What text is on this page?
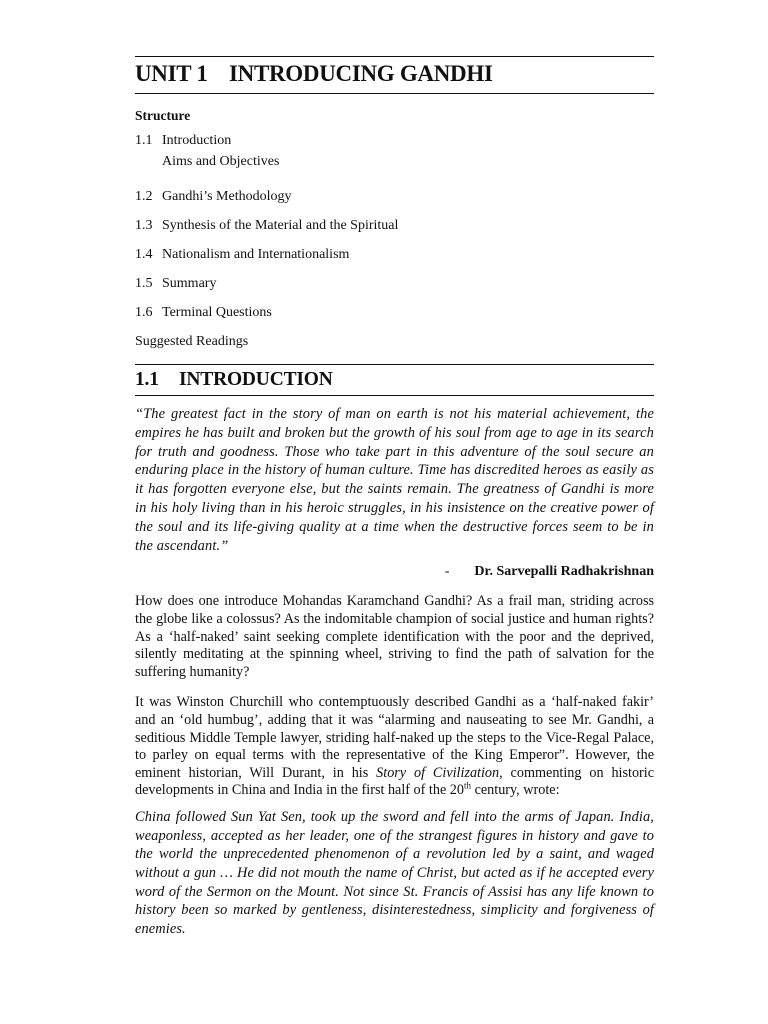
UNIT 1 INTRODUCING GANDHI
Structure
1.1 Introduction
Aims and Objectives
1.2 Gandhi’s Methodology
1.3 Synthesis of the Material and the Spiritual
1.4 Nationalism and Internationalism
1.5 Summary
1.6 Terminal Questions
Suggested Readings
1.1	INTRODUCTION
“The greatest fact in the story of man on earth is not his material achievement, the empires he has built and broken but the growth of his soul from age to age in its search for truth and goodness. Those who take part in this adventure of the soul secure an enduring place in the history of human culture. Time has discredited heroes as easily as it has forgotten everyone else, but the saints remain. The greatness of Gandhi is more in his holy living than in his heroic struggles, in his insistence on the creative power of the soul and its life-giving quality at a time when the destructive forces seem to be in the ascendant.”
- Dr. Sarvepalli Radhakrishnan

How does one introduce Mohandas Karamchand Gandhi? As a frail man, striding across the globe like a colossus? As the indomitable champion of social justice and human rights? As a ‘half-naked’ saint seeking complete identification with the poor and the deprived, silently meditating at the spinning wheel, striving to find the path of salvation for the suffering humanity?

It was Winston Churchill who contemptuously described Gandhi as a ‘half-naked fakir’ and an ‘old humbug’, adding that it was “alarming and nauseating to see Mr. Gandhi, a seditious Middle Temple lawyer, striding half-naked up the steps to the Vice-Regal Palace, to parley on equal terms with the representative of the King Emperor”. However, the eminent historian, Will Durant, in his Story of Civilization, commenting on historic developments in China and India in the first half of the 20th century, wrote:

China followed Sun Yat Sen, took up the sword and fell into the arms of Japan. India, weaponless, accepted as her leader, one of the strangest figures in history and gave to the world the unprecedented phenomenon of a revolution led by a saint, and waged without a gun … He did not mouth the name of Christ, but acted as if he accepted every word of the Sermon on the Mount. Not since St. Francis of Assisi has any life known to history been so marked by gentleness, disinterestedness, simplicity and forgiveness of enemies.
